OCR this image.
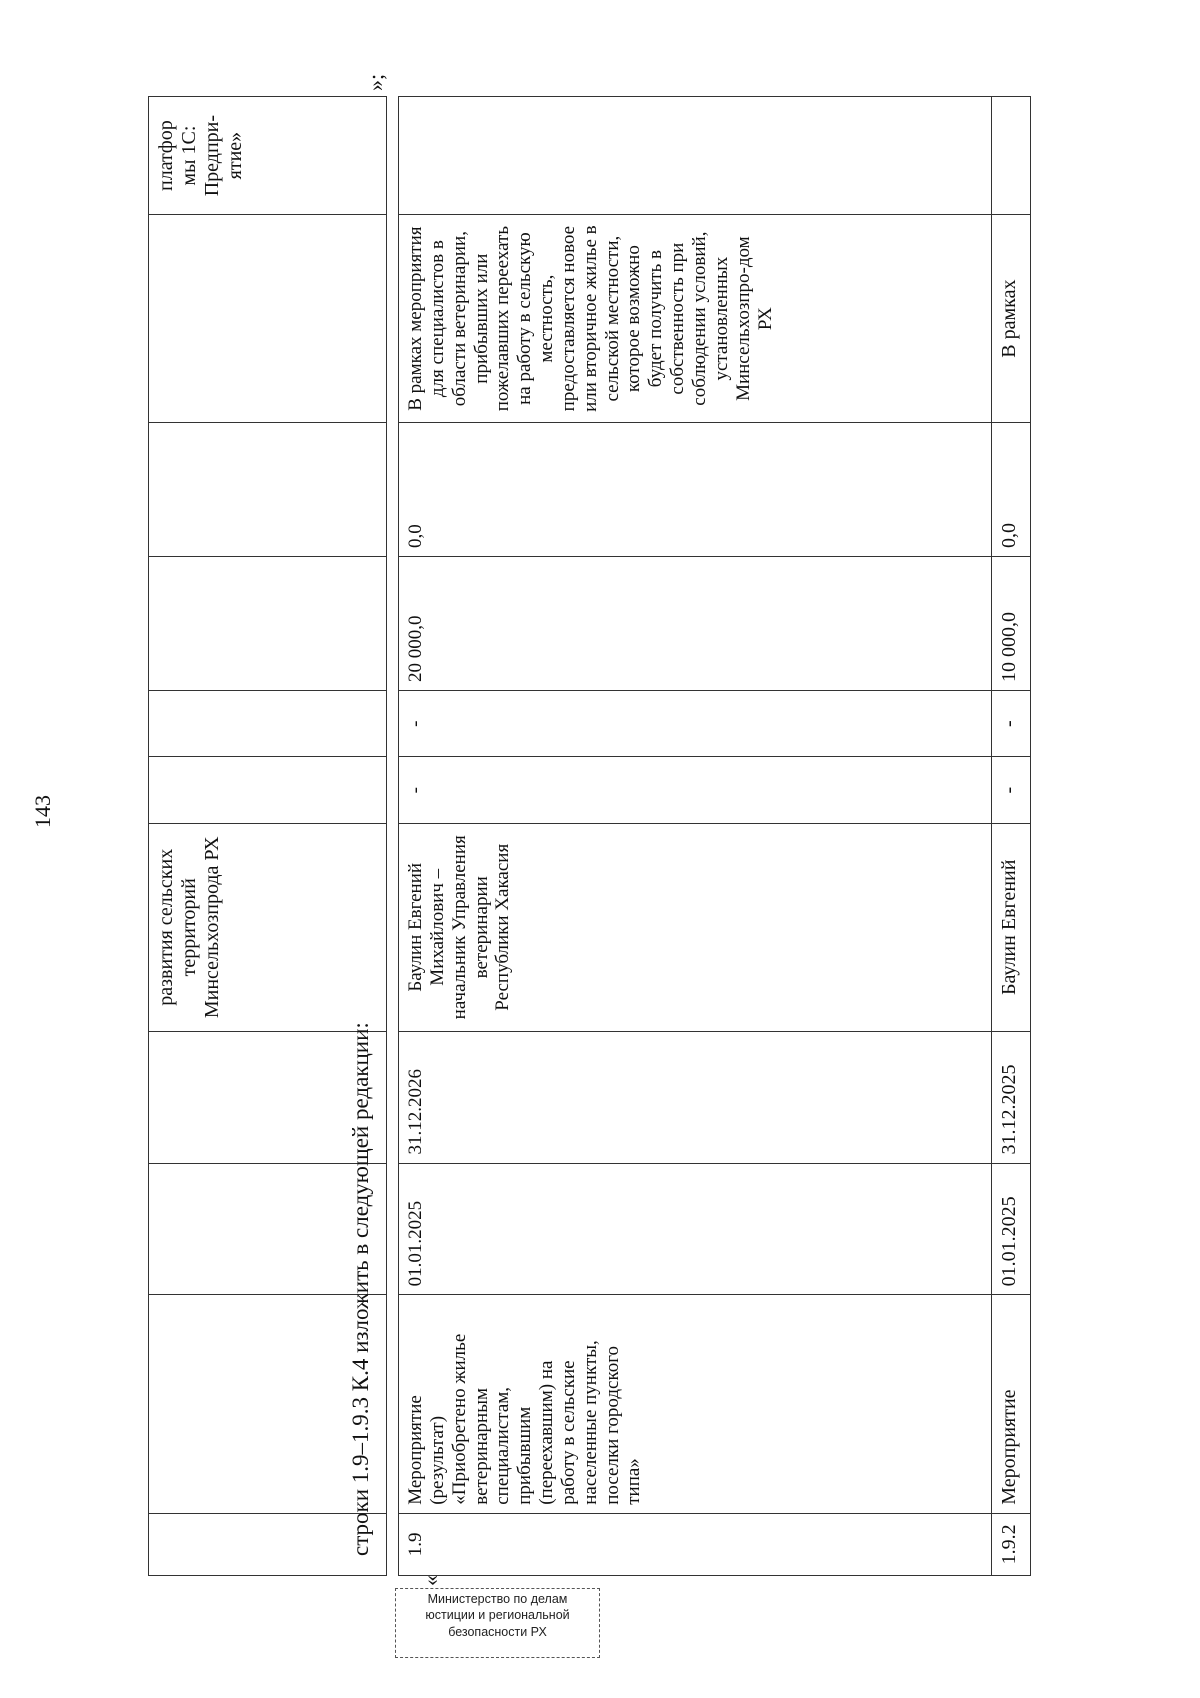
143
				развития сельских территорий Минсельхозпрода РХ						платфор мы 1С: Предпри-ятие»
»;
строки 1.9–1.9.3 К.4 изложить в следующей редакции:
«
1.9	Мероприятие (результат) «Приобретено жилье ветеринарным специалистам, прибывшим (переехавшим) на работу в сельские населенные пункты, поселки городского типа»	01.01.2025	31.12.2026	Баулин Евгений Михайлович – начальник Управления ветеринарии Республики Хакасия	-	-	20 000,0	0,0	В рамках мероприятия для специалистов в области ветеринарии, прибывших или пожелавших переехать на работу в сельскую местность, предоставляется новое или вторичное жилье в сельской местности, которое возможно будет получить в собственность при соблюдении условий, установленных Минсельхозпро-дом РХ	
1.9.2	Мероприятие	01.01.2025	31.12.2025	Баулин Евгений	-	-	10 000,0	0,0	В рамках	
Министерство по делам
юстиции и региональной
безопасности РХ
